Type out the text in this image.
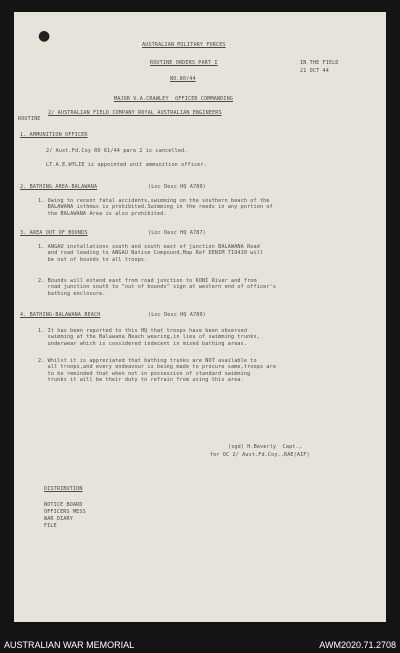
●
AUSTRALIAN MILITARY FORCES
ROUTINE ORDERS PART I	IN THE FIELD
21 OCT 44
NO.80/44
MAJOR V.A.CRAWLEY  OFFICER COMMANDING
2/ AUSTRALIAN FIELD COMPANY ROYAL AUSTRALIAN ENGINEERS
ROUTINE
1. AMMUNITION OFFICER
2/ Aust.Fd.Coy RO 61/44 para 2 is cancelled.
LT.A.E.WYLIE is appointed unit ammunition officer.
2. BATHING AREA-BALAWANA	(Loc Desc HQ A780)
1. Owing to recent fatal accidents,swimming on the southern beach of the
BALAWANA isthmus is prohibited.Swimming in the reeds in any portion of
the BALAWANA Area is also prohibited.
3. AREA OUT OF BOUNDS	(Loc Desc HQ A787)
1. ANGAU installations south and south east of junction BALAWANA Road
and road leading to ANGAU Native Compound,Map Ref DENIM 719410 will
be out of bounds to all troops.
2. Bounds will extend east from road junction to KONI River and from
road junction south to "out of bounds" sign at western end of officer's
bathing enclosure.
4. BATHING-BALAWANA BEACH	(Loc Desc HQ A780)
1. It has been reported to this HQ that troops have been observed
swimming at the Balawana Beach wearing,in lieu of swimming trunks,
underwear which is considered indecent in mixed bathing areas.
2. Whilst it is appreciated that bathing trunks are NOT available to
all troops,and every endeavour is being made to procure same,troops are
to be reminded that when not in possession of standard swimming
trunks it will be their duty to refrain from using this area.
(sgd) H.Beverly  Capt.,
for OC 2/ Aust.Fd.Coy.,RAE(AIF)
DISTRIBUTION
NOTICE BOARD
OFFICERS MESS
WAR DIARY
FILE
AUSTRALIAN WAR MEMORIAL	AWM2020.71.2708
